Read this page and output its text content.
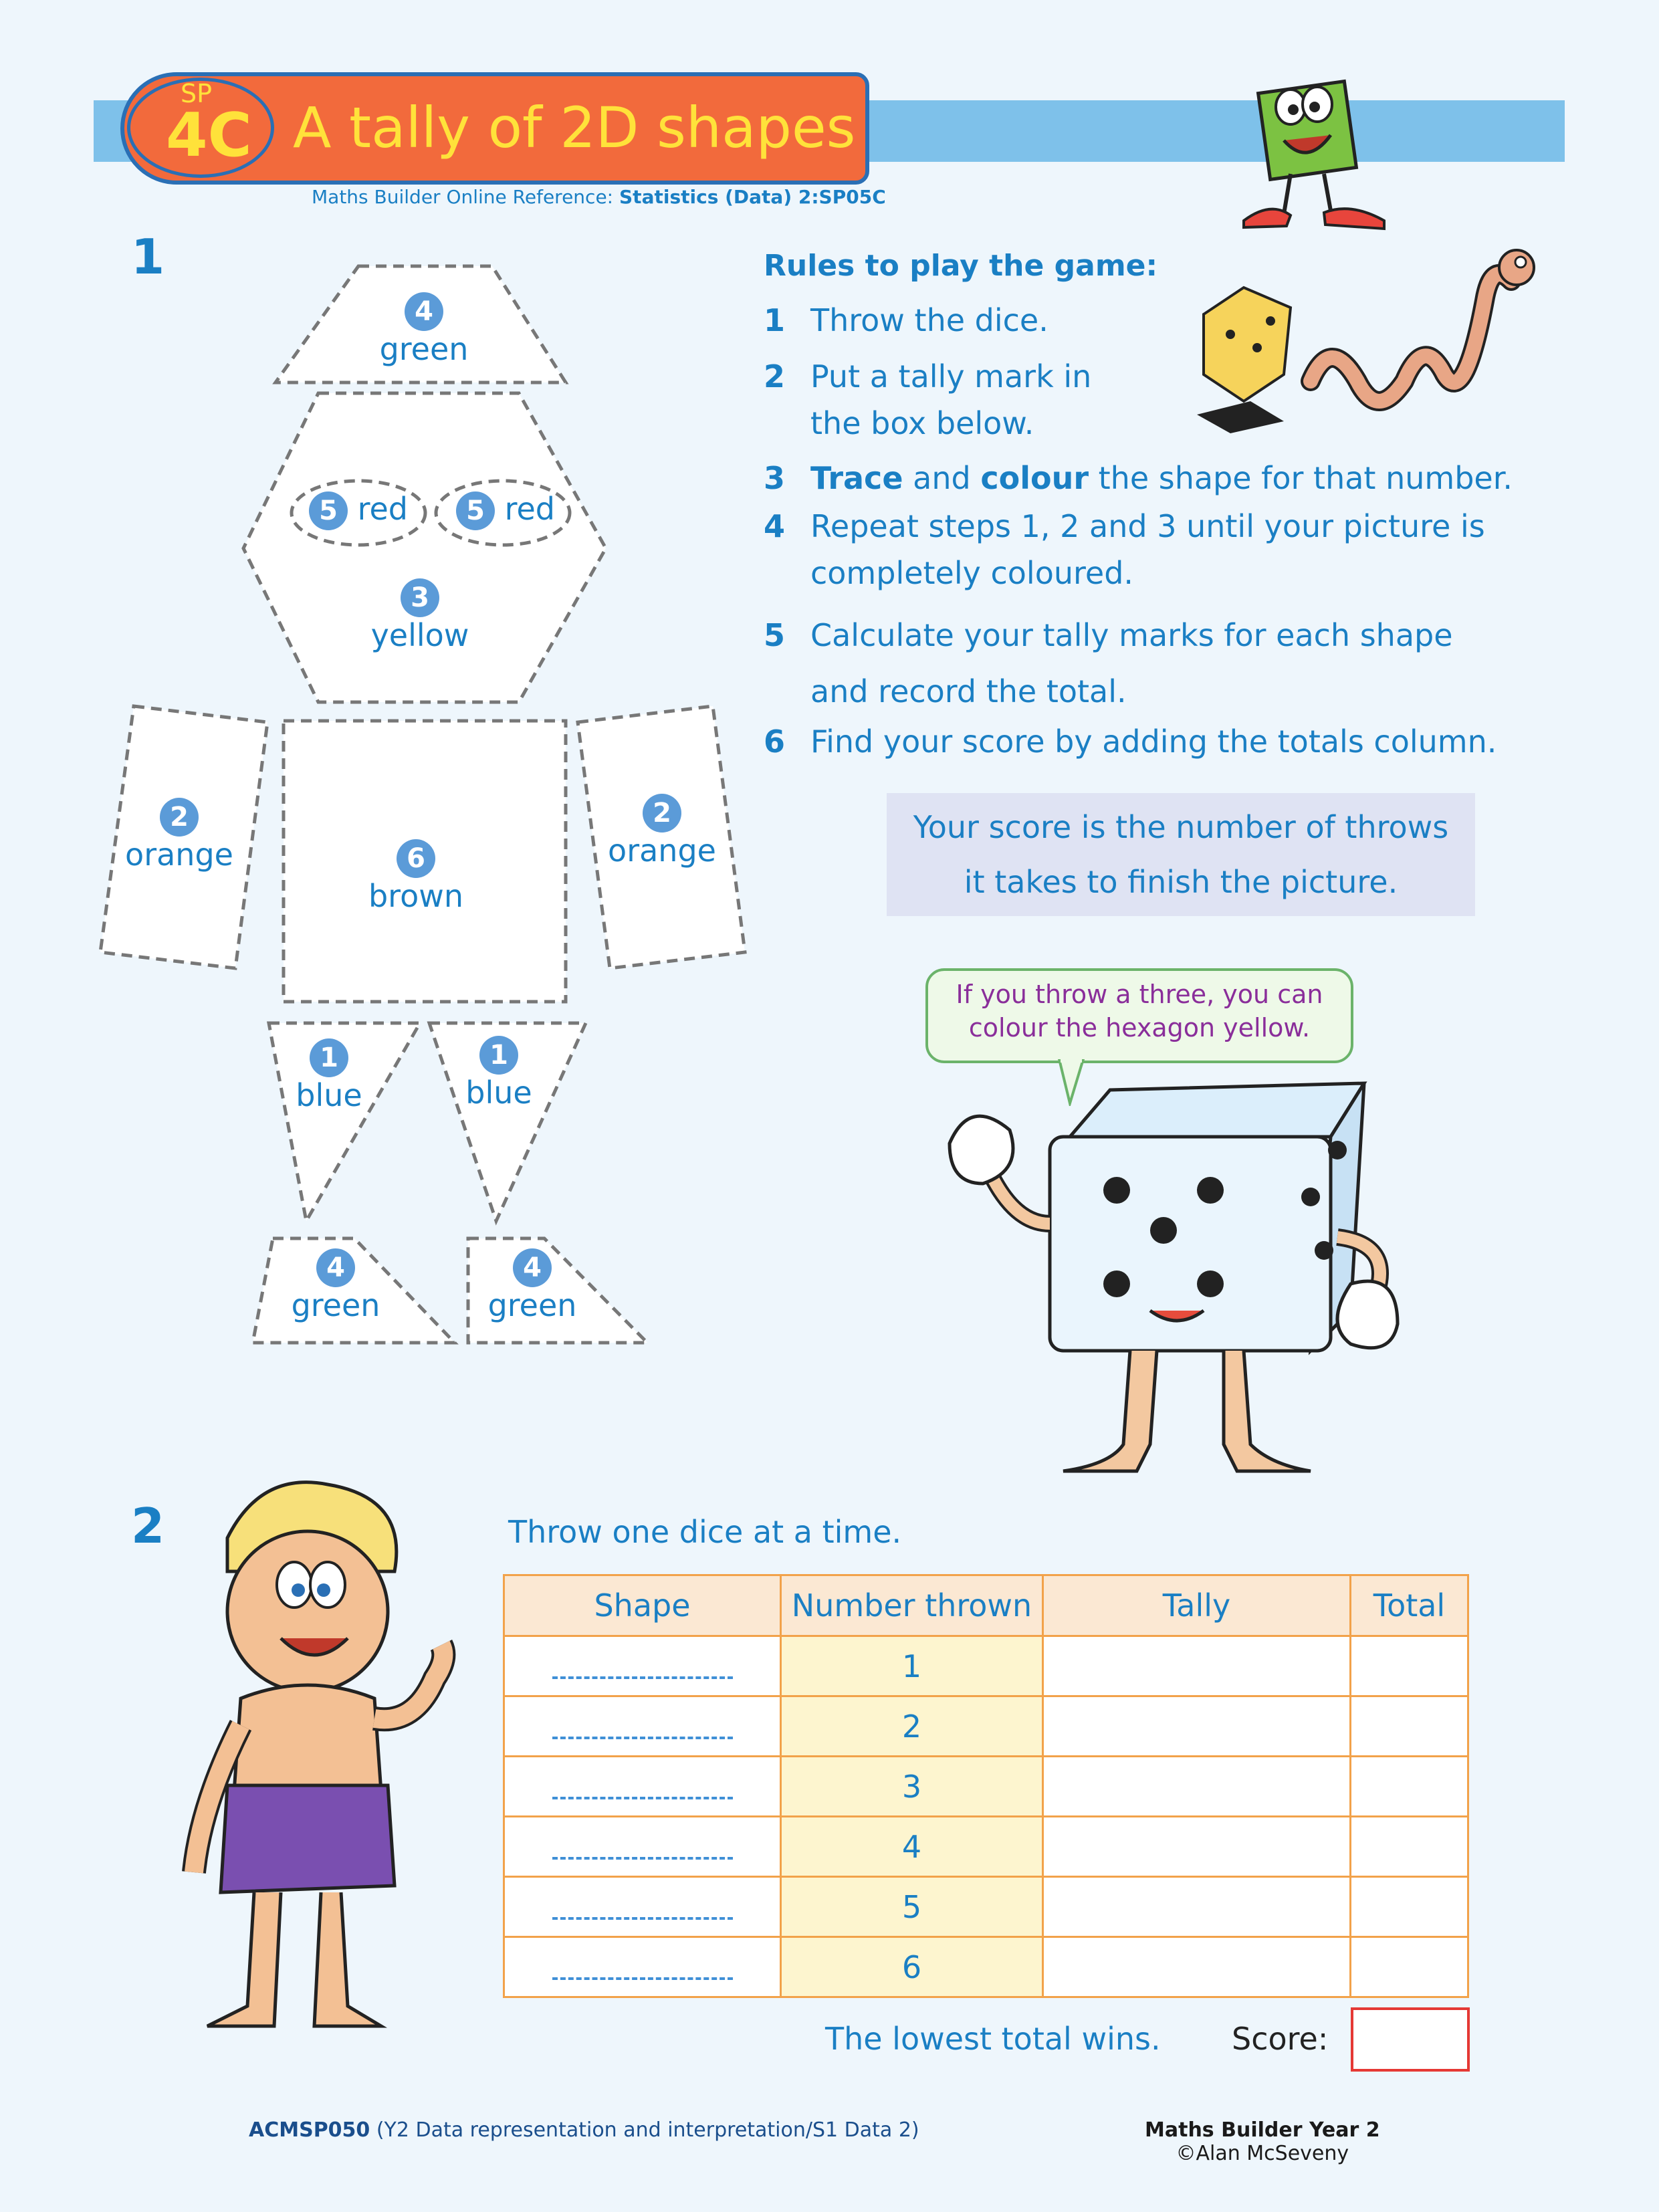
SP
4C A tally of 2D shapes
Maths Builder Online Reference: Statistics (Data) 2:SP05C
1
4
green
5 red	5 red
3
yellow
2
orange	6
brown
2
orange
1
blue
1
blue
4
green
4
green
Rules to play the game:
1 Throw the dice.
2 Put a tally mark in
the box below.
3 Trace and colour the shape for that number.
4 Repeat steps 1, 2 and 3 until your picture is
completely coloured.
5 Calculate your tally marks for each shape
and record the total.
6 Find your score by adding the totals column.
Your score is the number of throws
it takes to finish the picture.
If you throw a three, you can
colour the hexagon yellow.
2	Throw one dice at a time.
Shape	Number thrown	Tally	Total

	1		

	2		

	3		

	4		

	5		

	6		
The lowest total wins. Score:
ACMSP050 (Y2 Data representation and interpretation/S1 Data 2)	Maths Builder Year 2
©Alan McSeveny
